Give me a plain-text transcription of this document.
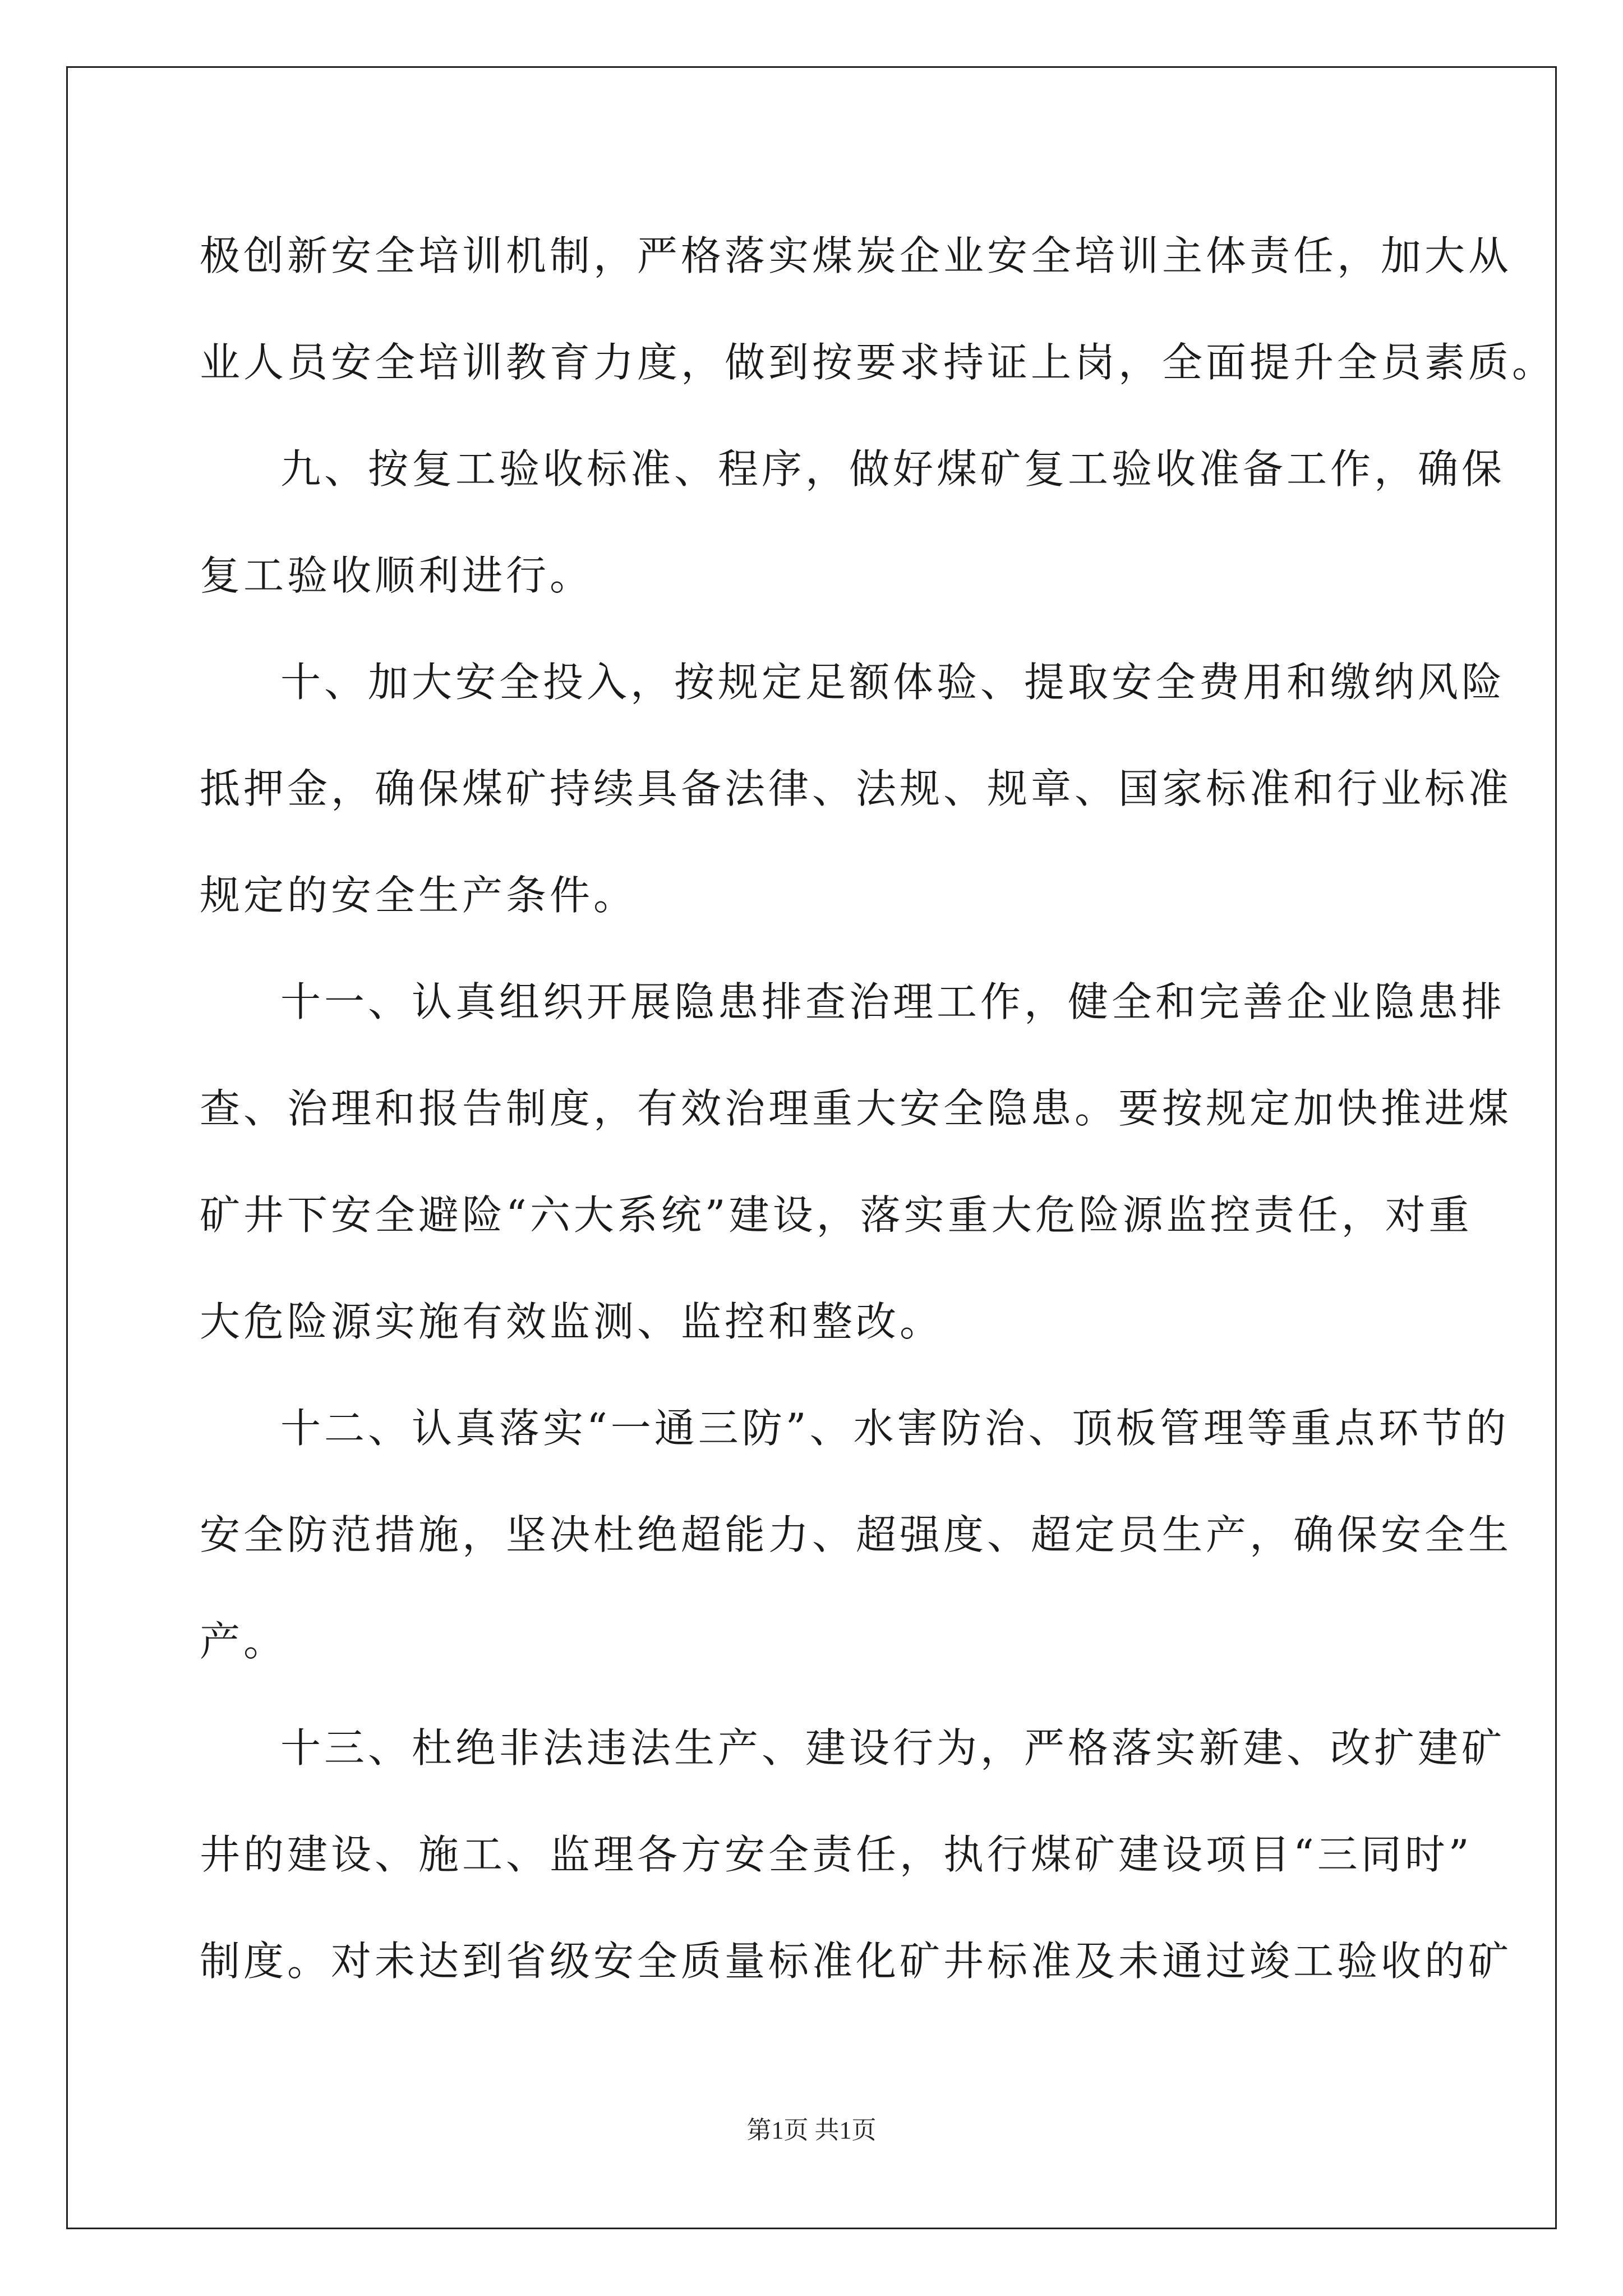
极创新安全培训机制，严格落实煤炭企业安全培训主体责任，加大从
业人员安全培训教育力度，做到按要求持证上岗，全面提升全员素质。
九、按复工验收标准、程序，做好煤矿复工验收准备工作，确保
复工验收顺利进行。
十、加大安全投入，按规定足额体验、提取安全费用和缴纳风险
抵押金，确保煤矿持续具备法律、法规、规章、国家标准和行业标准
规定的安全生产条件。
十一、认真组织开展隐患排查治理工作，健全和完善企业隐患排
查、治理和报告制度，有效治理重大安全隐患。要按规定加快推进煤
矿井下安全避险“六大系统”建设，落实重大危险源监控责任，对重
大危险源实施有效监测、监控和整改。
十二、认真落实“一通三防”、水害防治、顶板管理等重点环节的
安全防范措施，坚决杜绝超能力、超强度、超定员生产，确保安全生
产。
十三、杜绝非法违法生产、建设行为，严格落实新建、改扩建矿
井的建设、施工、监理各方安全责任，执行煤矿建设项目“三同时”
制度。对未达到省级安全质量标准化矿井标准及未通过竣工验收的矿
第1页 共1页
